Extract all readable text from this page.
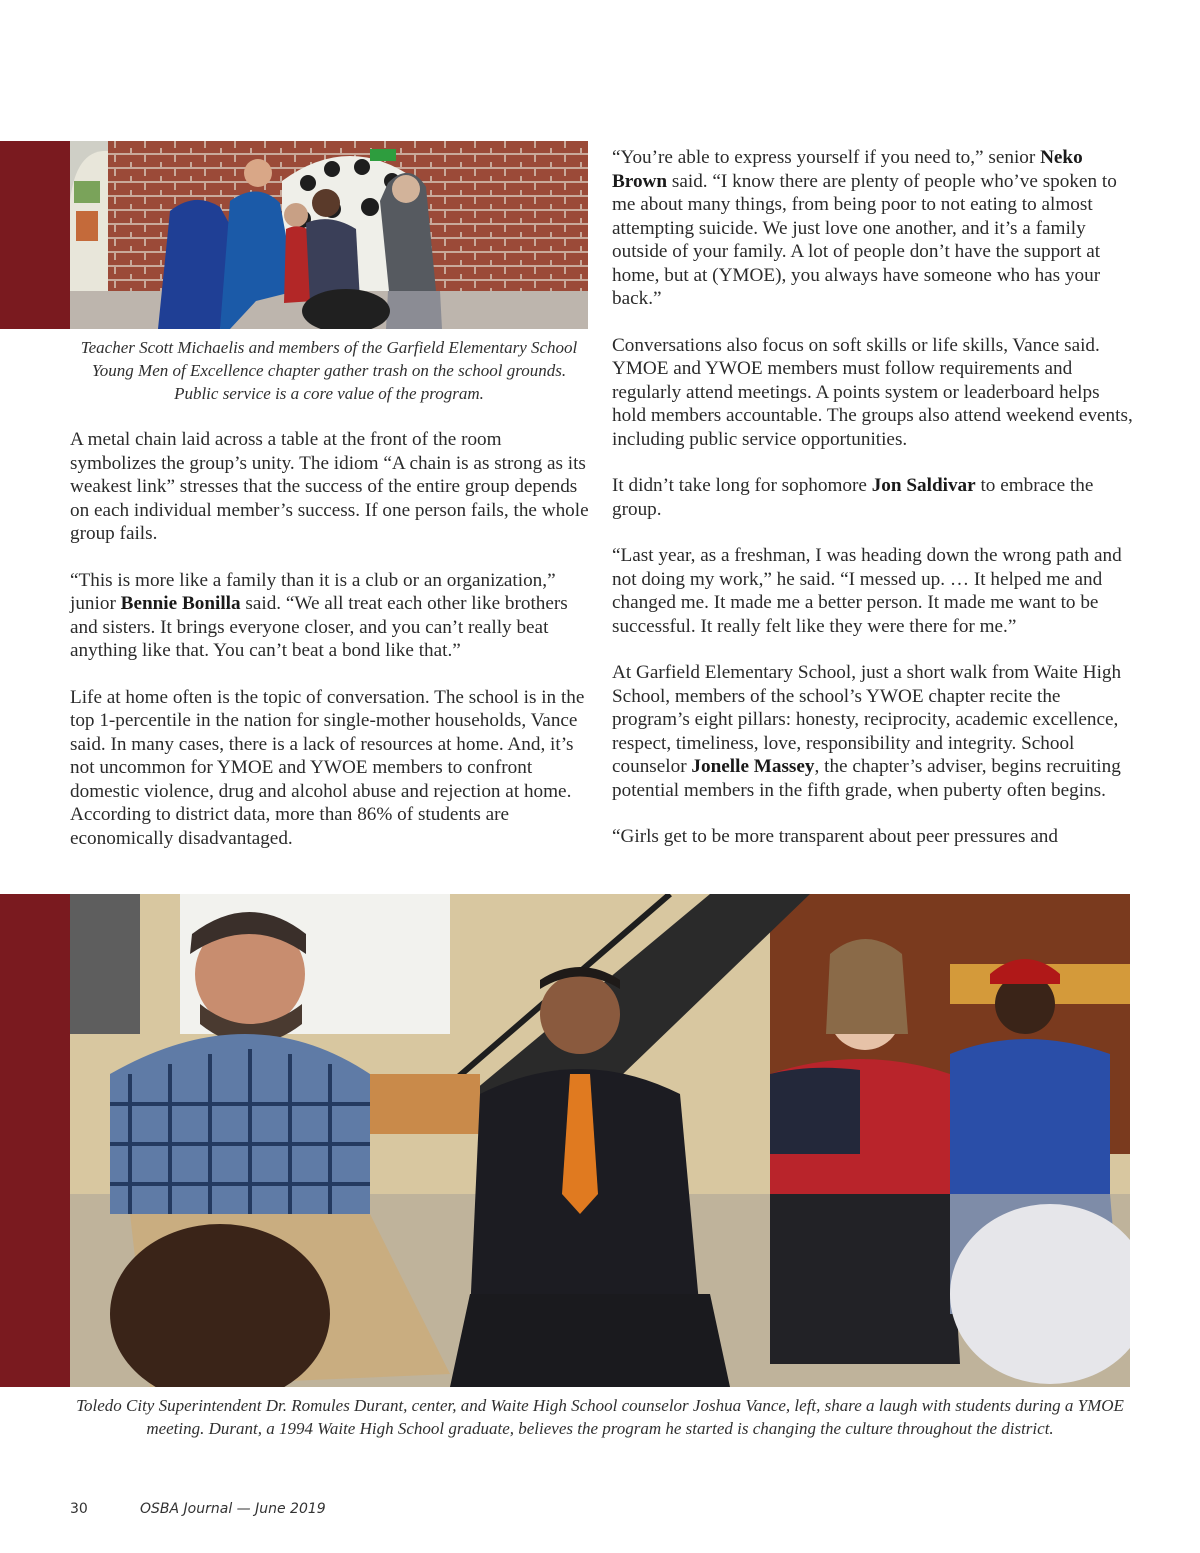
Teacher Scott Michaelis and members of the Garfield Elementary School Young Men of Excellence chapter gather trash on the school grounds. Public service is a core value of the program.

A metal chain laid across a table at the front of the room symbolizes the group’s unity. The idiom “A chain is as strong as its weakest link” stresses that the success of the entire group depends on each individual member’s success. If one person fails, the whole group fails.

“This is more like a family than it is a club or an organization,” junior Bennie Bonilla said. “We all treat each other like brothers and sisters. It brings everyone closer, and you can’t really beat anything like that. You can’t beat a bond like that.”

Life at home often is the topic of conversation. The school is in the top 1-percentile in the nation for single-mother households, Vance said. In many cases, there is a lack of resources at home. And, it’s not uncommon for YMOE and YWOE members to confront domestic violence, drug and alcohol abuse and rejection at home. According to district data, more than 86% of students are economically disadvantaged.

“You’re able to express yourself if you need to,” senior Neko Brown said. “I know there are plenty of people who’ve spoken to me about many things, from being poor to not eating to almost attempting suicide. We just love one another, and it’s a family outside of your family. A lot of people don’t have the support at home, but at (YMOE), you always have someone who has your back.”

Conversations also focus on soft skills or life skills, Vance said. YMOE and YWOE members must follow requirements and regularly attend meetings. A points system or leaderboard helps hold members accountable. The groups also attend weekend events, including public service opportunities.

It didn’t take long for sophomore Jon Saldivar to embrace the group.

“Last year, as a freshman, I was heading down the wrong path and not doing my work,” he said. “I messed up. … It helped me and changed me. It made me a better person. It made me want to be successful. It really felt like they were there for me.”

At Garfield Elementary School, just a short walk from Waite High School, members of the school’s YWOE chapter recite the program’s eight pillars: honesty, reciprocity, academic excellence, respect, timeliness, love, responsibility and integrity. School counselor Jonelle Massey, the chapter’s adviser, begins recruiting potential members in the fifth grade, when puberty often begins.

“Girls get to be more transparent about peer pressures and

Toledo City Superintendent Dr. Romules Durant, center, and Waite High School counselor Joshua Vance, left, share a laugh with students during a YMOE meeting. Durant, a 1994 Waite High School graduate, believes the program he started is changing the culture throughout the district.
30	OSBA Journal — June 2019
